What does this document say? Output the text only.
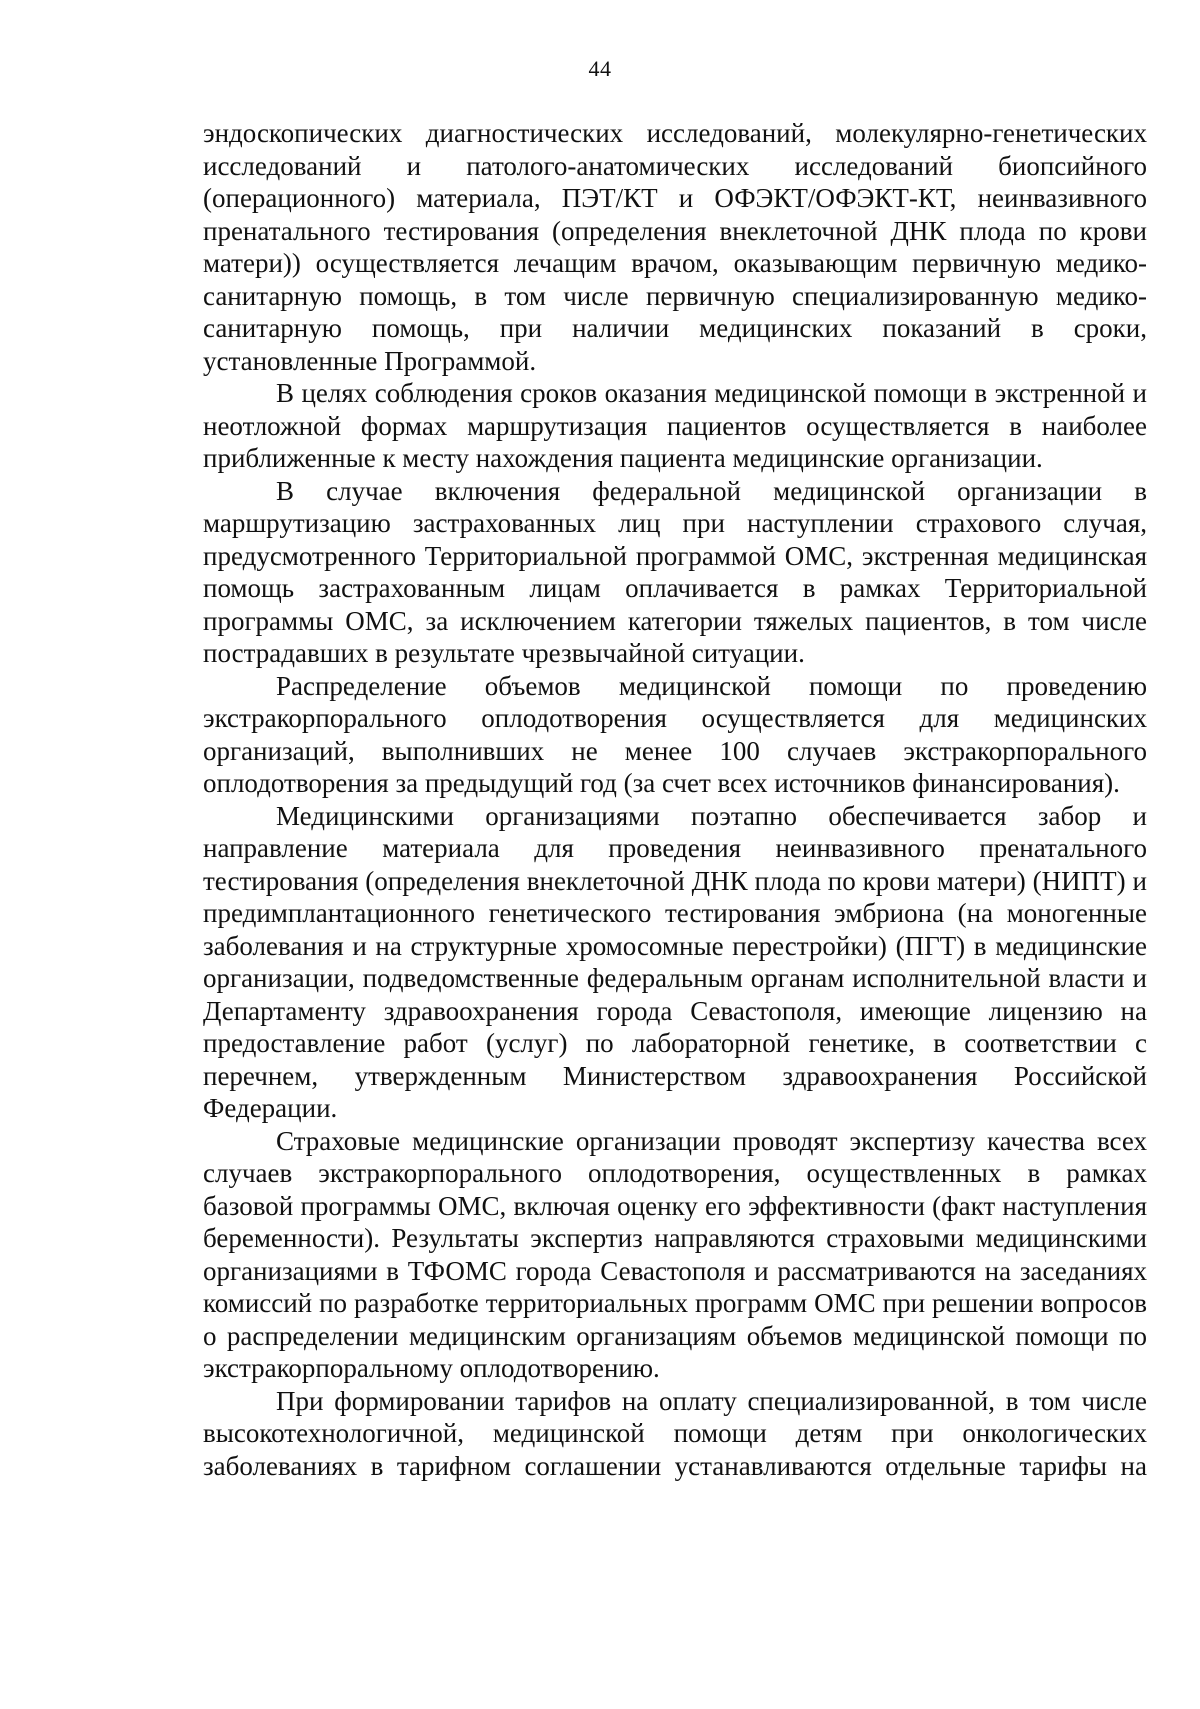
44

эндоскопических диагностических исследований, молекулярно-генетических исследований и патолого-анатомических исследований биопсийного (операционного) материала, ПЭТ/КТ и ОФЭКТ/ОФЭКТ-КТ, неинвазивного пренатального тестирования (определения внеклеточной ДНК плода по крови матери)) осуществляется лечащим врачом, оказывающим первичную медико-санитарную помощь, в том числе первичную специализированную медико-санитарную помощь, при наличии медицинских показаний в сроки, установленные Программой.

В целях соблюдения сроков оказания медицинской помощи в экстренной и неотложной формах маршрутизация пациентов осуществляется в наиболее приближенные к месту нахождения пациента медицинские организации.

В случае включения федеральной медицинской организации в маршрутизацию застрахованных лиц при наступлении страхового случая, предусмотренного Территориальной программой ОМС, экстренная медицинская помощь застрахованным лицам оплачивается в рамках Территориальной программы ОМС, за исключением категории тяжелых пациентов, в том числе пострадавших в результате чрезвычайной ситуации.

Распределение объемов медицинской помощи по проведению экстракорпорального оплодотворения осуществляется для медицинских организаций, выполнивших не менее 100 случаев экстракорпорального оплодотворения за предыдущий год (за счет всех источников финансирования).

Медицинскими организациями поэтапно обеспечивается забор и направление материала для проведения неинвазивного пренатального тестирования (определения внеклеточной ДНК плода по крови матери) (НИПТ) и предимплантационного генетического тестирования эмбриона (на моногенные заболевания и на структурные хромосомные перестройки) (ПГТ) в медицинские организации, подведомственные федеральным органам исполнительной власти и Департаменту здравоохранения города Севастополя, имеющие лицензию на предоставление работ (услуг) по лабораторной генетике, в соответствии с перечнем, утвержденным Министерством здравоохранения Российской Федерации.

Страховые медицинские организации проводят экспертизу качества всех случаев экстракорпорального оплодотворения, осуществленных в рамках базовой программы ОМС, включая оценку его эффективности (факт наступления беременности). Результаты экспертиз направляются страховыми медицинскими организациями в ТФОМС города Севастополя и рассматриваются на заседаниях комиссий по разработке территориальных программ ОМС при решении вопросов о распределении медицинским организациям объемов медицинской помощи по экстракорпоральному оплодотворению.

При формировании тарифов на оплату специализированной, в том числе высокотехнологичной, медицинской помощи детям при онкологических заболеваниях в тарифном соглашении устанавливаются отдельные тарифы на
